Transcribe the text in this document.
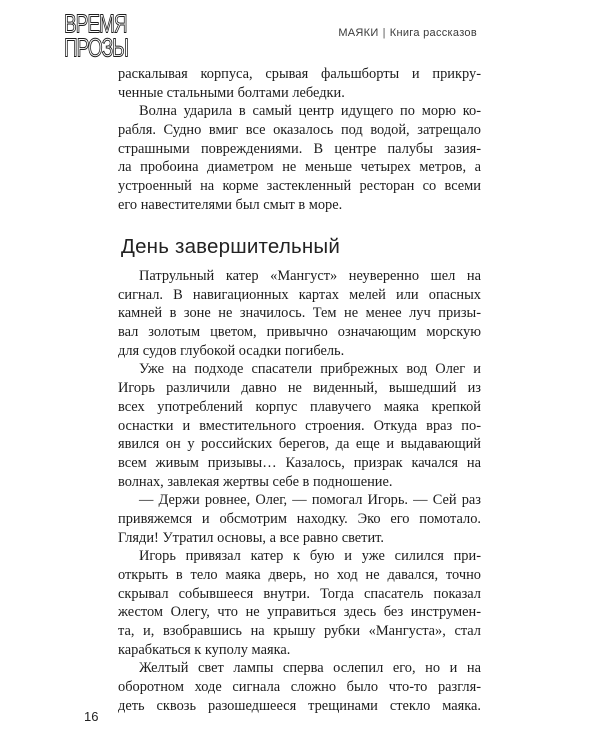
ВРЕМЯ
ПРОЗЫ
МАЯКИ | Книга рассказов
раскалывая корпуса, срывая фальшборты и прикру-
ченные стальными болтами лебедки.
Волна ударила в самый центр идущего по морю ко-
рабля. Судно вмиг все оказалось под водой, затрещало
страшными повреждениями. В центре палубы зазия-
ла пробоина диаметром не меньше четырех метров, а
устроенный на корме застекленный ресторан со всеми
его навестителями был смыт в море.
День завершительный
Патрульный катер «Мангуст» неуверенно шел на
сигнал. В навигационных картах мелей или опасных
камней в зоне не значилось. Тем не менее луч призы-
вал золотым цветом, привычно означающим морскую
для судов глубокой осадки погибель.
Уже на подходе спасатели прибрежных вод Олег и
Игорь различили давно не виденный, вышедший из
всех употреблений корпус плавучего маяка крепкой
оснастки и вместительного строения. Откуда враз по-
явился он у российских берегов, да еще и выдавающий
всем живым призывы… Казалось, призрак качался на
волнах, завлекая жертвы себе в подношение.
— Держи ровнее, Олег, — помогал Игорь. — Сей раз
привяжемся и обсмотрим находку. Эко его помотало.
Гляди! Утратил основы, а все равно светит.
Игорь привязал катер к бую и уже силился при-
открыть в тело маяка дверь, но ход не давался, точно
скрывал собывшееся внутри. Тогда спасатель показал
жестом Олегу, что не управиться здесь без инструмен-
та, и, взобравшись на крышу рубки «Мангуста», стал
карабкаться к куполу маяка.
Желтый свет лампы сперва ослепил его, но и на
оборотном ходе сигнала сложно было что-то разгля-
деть сквозь разошедшееся трещинами стекло маяка.
16
